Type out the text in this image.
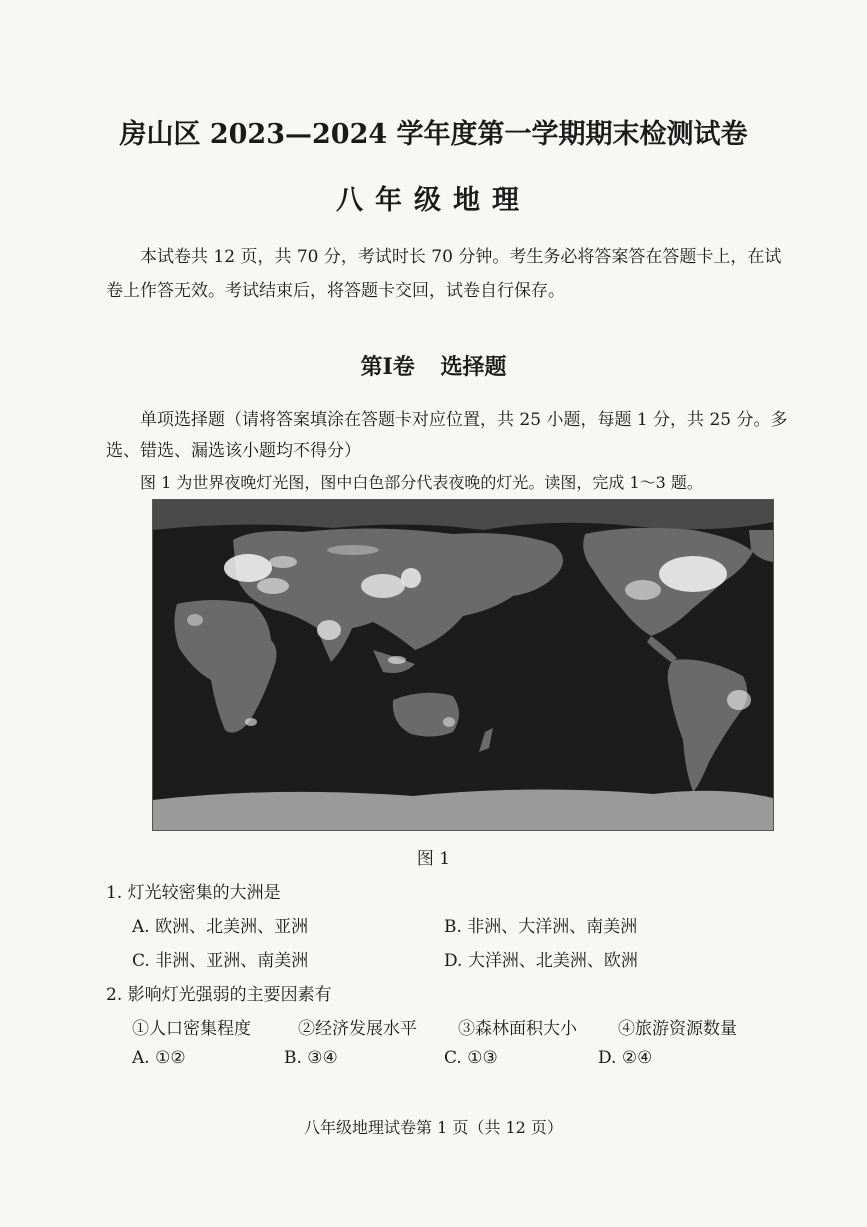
房山区 2023—2024 学年度第一学期期末检测试卷
八年级地理
本试卷共 12 页，共 70 分，考试时长 70 分钟。考生务必将答案答在答题卡上，在试卷上作答无效。考试结束后，将答题卡交回，试卷自行保存。
第Ⅰ卷 选择题
单项选择题（请将答案填涂在答题卡对应位置，共 25 小题，每题 1 分，共 25 分。多选、错选、漏选该小题均不得分）
图 1 为世界夜晚灯光图，图中白色部分代表夜晚的灯光。读图，完成 1～3 题。
图 1
1. 灯光较密集的大洲是
A. 欧洲、北美洲、亚洲	B. 非洲、大洋洲、南美洲
C. 非洲、亚洲、南美洲	D. 大洋洲、北美洲、欧洲
2. 影响灯光强弱的主要因素有
①人口密集程度	②经济发展水平 ③森林面积大小 ④旅游资源数量
A. ①②	B. ③④	C. ①③	D. ②④
八年级地理试卷第 1 页（共 12 页）
